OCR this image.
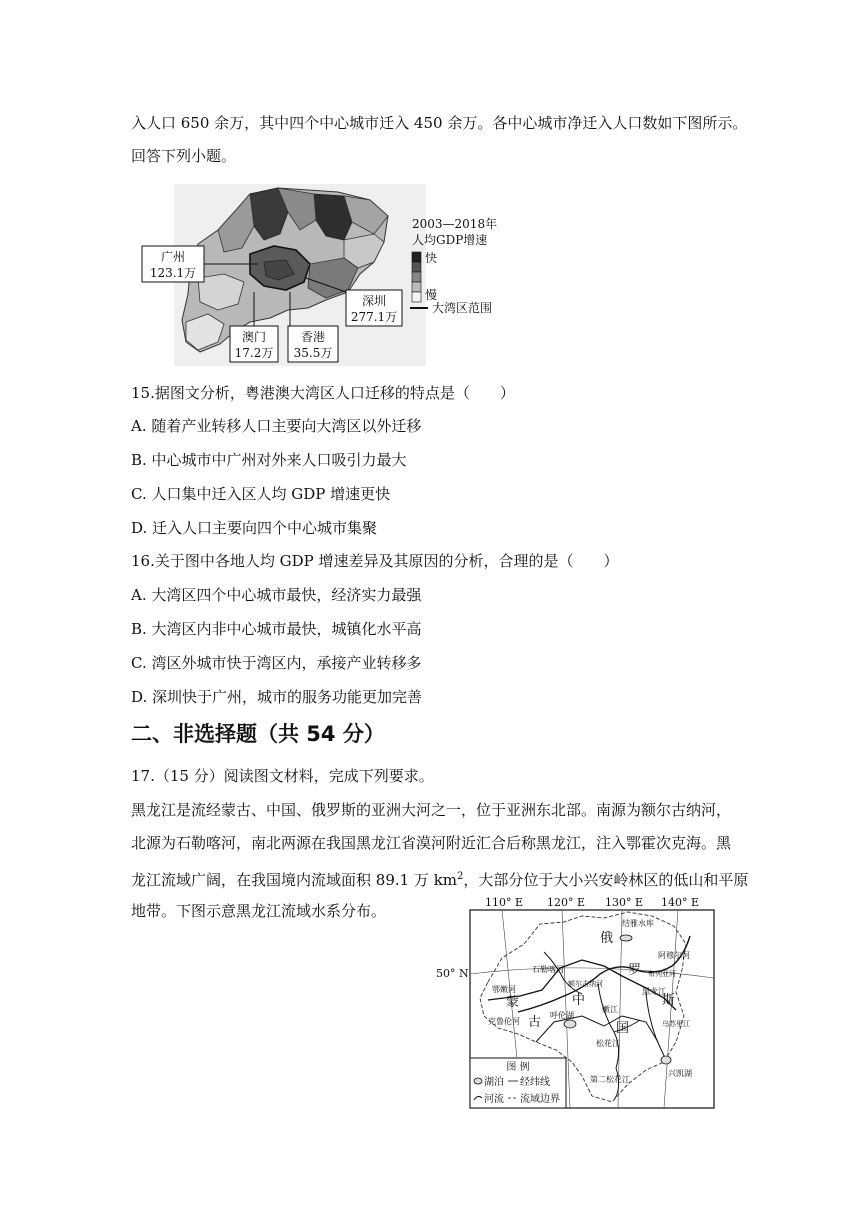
入人口 650 余万，其中四个中心城市迁入 450 余万。各中心城市净迁入人口数如下图所示。
回答下列小题。
广州
123.1万
澳门
17.2万
香港
35.5万
深圳
277.1万
2003—2018年
人均GDP增速
快
慢
大湾区范围
15.据图文分析，粤港澳大湾区人口迁移的特点是（　　）
A. 随着产业转移人口主要向大湾区以外迁移
B. 中心城市中广州对外来人口吸引力最大
C. 人口集中迁入区人均 GDP 增速更快
D. 迁入人口主要向四个中心城市集聚
16.关于图中各地人均 GDP 增速差异及其原因的分析，合理的是（　　）
A. 大湾区四个中心城市最快，经济实力最强
B. 大湾区内非中心城市最快，城镇化水平高
C. 湾区外城市快于湾区内，承接产业转移多
D. 深圳快于广州，城市的服务功能更加完善
二、非选择题（共 54 分）
17.（15 分）阅读图文材料，完成下列要求。
黑龙江是流经蒙古、中国、俄罗斯的亚洲大河之一，位于亚洲东北部。南源为额尔古纳河，
北源为石勒喀河，南北两源在我国黑龙江省漠河附近汇合后称黑龙江，注入鄂霍次克海。黑
龙江流域广阔，在我国境内流域面积 89.1 万 $km^2$，大部分位于大小兴安岭林区的低山和平原
地带。下图示意黑龙江流域水系分布。	110° E 120° E 130° E 140° E
50° N
俄
罗
斯
蒙
古
中
国
结雅水库
石勒喀河
额尔古纳河
黑龙江
嫩江
松花江
乌苏里江
兴凯湖
呼伦湖
克鲁伦河
鄂嫩河
阿穆尔河
布列亚河
第二松花江
图 例
湖泊 经纬线
河流 流域边界
